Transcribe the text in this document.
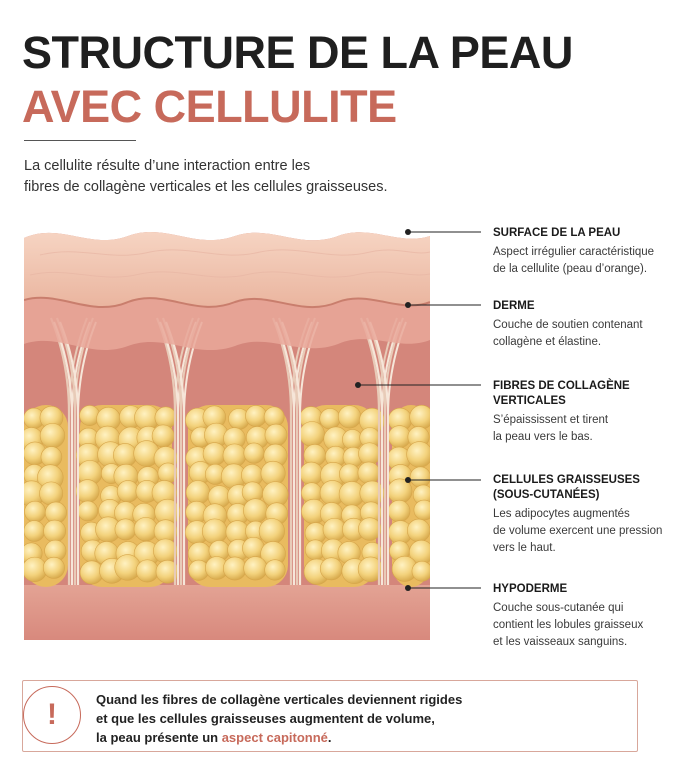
STRUCTURE DE LA PEAU
AVEC CELLULITE
La cellulite résulte d’une interaction entre les
fibres de collagène verticales et les cellules graisseuses.
SURFACE DE LA PEAU
Aspect irrégulier caractéristique
de la cellulite (peau d’orange).
DERME
Couche de soutien contenant
collagène et élastine.
FIBRES DE COLLAGÈNE
VERTICALES
S’épaississent et tirent
la peau vers le bas.
CELLULES GRAISSEUSES
(SOUS-CUTANÉES)
Les adipocytes augmentés
de volume exercent une pression
vers le haut.
HYPODERME
Couche sous-cutanée qui
contient les lobules graisseux
et les vaisseaux sanguins.
!	Quand les fibres de collagène verticales deviennent rigides
et que les cellules graisseuses augmentent de volume,
la peau présente un aspect capitonné.
